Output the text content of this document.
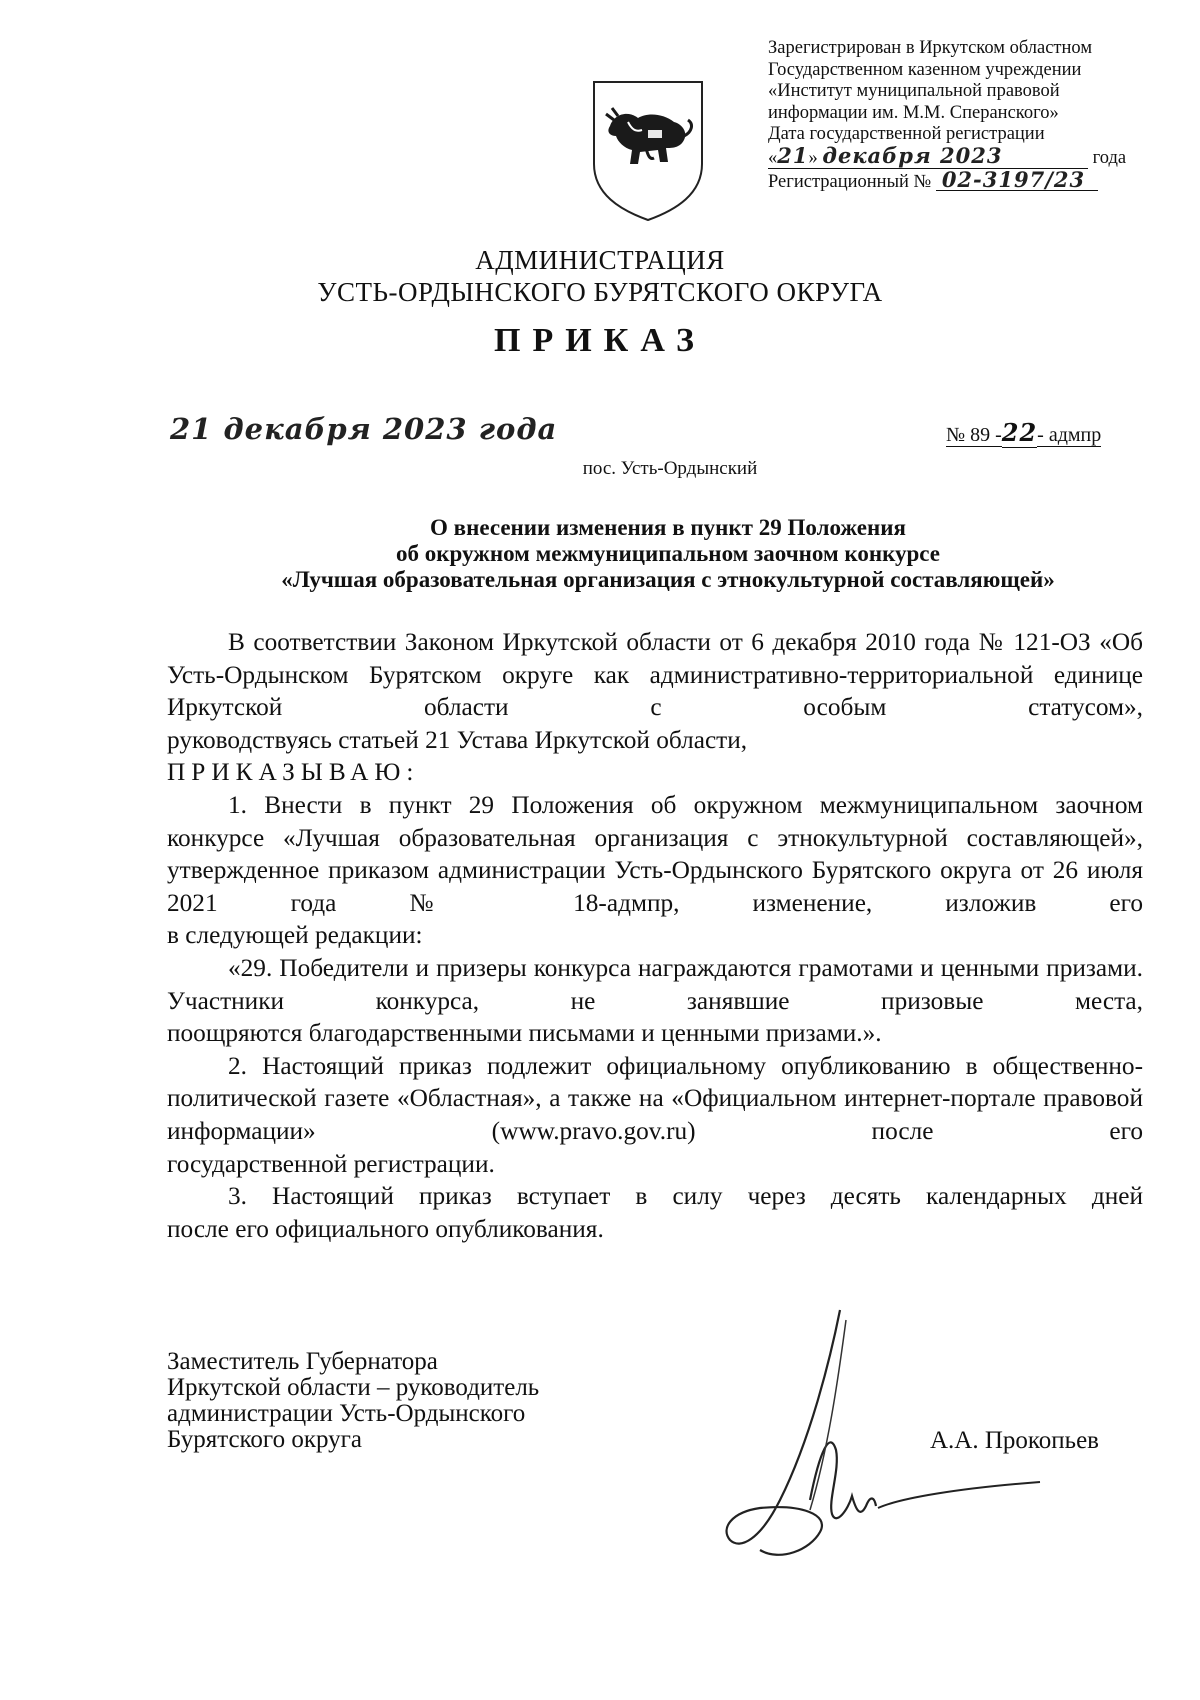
Зарегистрирован в Иркутском областном
Государственном казенном учреждении
«Институт муниципальной правовой
информации им. М.М. Сперанского»
Дата государственной регистрации
«21» декабря 2023	года
Регистрационный № 02-3197/23
АДМИНИСТРАЦИЯ
УСТЬ-ОРДЫНСКОГО БУРЯТСКОГО ОКРУГА
ПРИКАЗ
21 декабря 2023 года	№ 89 -22- адмпр
пос. Усть-Ордынский
О внесении изменения в пункт 29 Положения
об окружном межмуниципальном заочном конкурсе
«Лучшая образовательная организация с этнокультурной составляющей»

В соответствии Законом Иркутской области от 6 декабря 2010 года № 121-ОЗ «Об Усть-Ордынском Бурятском округе как административно-территориальной единице Иркутской области с особым статусом»,

руководствуясь статьей 21 Устава Иркутской области,

ПРИКАЗЫВАЮ:

1. Внести в пункт 29 Положения об окружном межмуниципальном заочном конкурсе «Лучшая образовательная организация с этнокультурной составляющей», утвержденное приказом администрации Усть-Ордынского Бурятского округа от 26 июля 2021 года № 18-адмпр, изменение, изложив его

в следующей редакции:

«29. Победители и призеры конкурса награждаются грамотами и ценными призами. Участники конкурса, не занявшие призовые места,

поощряются благодарственными письмами и ценными призами.».

2. Настоящий приказ подлежит официальному опубликованию в общественно-политической газете «Областная», а также на «Официальном интернет-портале правовой информации» (www.pravo.gov.ru) после его

государственной регистрации.

3. Настоящий приказ вступает в силу через десять календарных дней

после его официального опубликования.

Заместитель Губернатора
Иркутской области – руководитель
администрации Усть-Ордынского
Бурятского округа	А.А. Прокопьев
